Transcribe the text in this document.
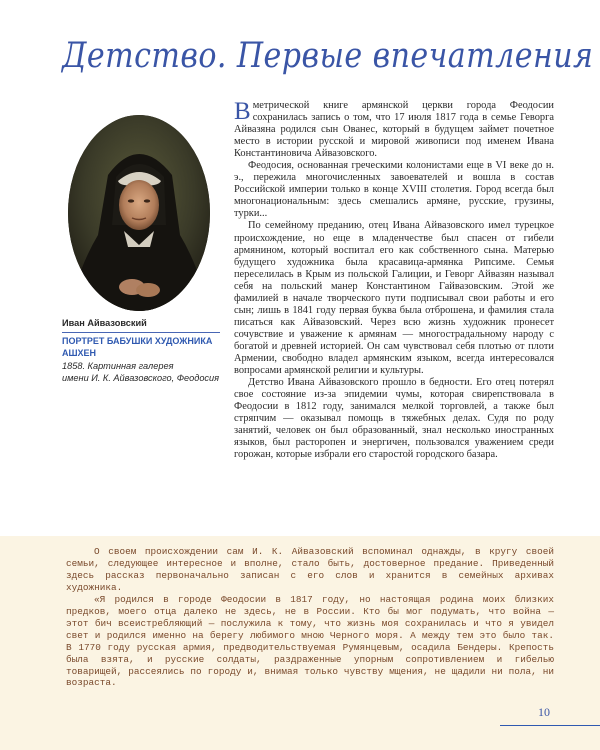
Детство. Первые впечатления
Иван Айвазовский
ПОРТРЕТ БАБУШКИ ХУДОЖНИКА АШХЕН
1858. Картинная галерея
имени И. К. Айвазовского, Феодосия

В метрической книге армянской церкви города Феодосии сохранилась запись о том, что 17 июля 1817 года в семье Геворга Айвазяна родился сын Ованес, который в будущем займет почетное место в истории русской и мировой живописи под именем Ивана Константиновича Айвазовского.

Феодосия, основанная греческими колонистами еще в VI веке до н. э., пережила многочисленных завоевателей и вошла в состав Российской империи только в конце XVIII столетия. Город всегда был многонациональным: здесь смешались армяне, русские, грузины, турки...

По семейному преданию, отец Ивана Айвазовского имел турецкое происхождение, но еще в младенчестве был спасен от гибели армянином, который воспитал его как собственного сына. Матерью будущего художника была красавица-армянка Рипсиме. Семья переселилась в Крым из польской Галиции, и Геворг Айвазян называл себя на польский манер Константином Гайвазовским. Этой же фамилией в начале творческого пути подписывал свои работы и его сын; лишь в 1841 году первая буква была отброшена, и фамилия стала писаться как Айвазовский. Через всю жизнь художник пронесет сочувствие и уважение к армянам — многострадальному народу с богатой и древней историей. Он сам чувствовал себя плотью от плоти Армении, свободно владел армянским языком, всегда интересовался вопросами армянской религии и культуры.

Детство Ивана Айвазовского прошло в бедности. Его отец потерял свое состояние из-за эпидемии чумы, которая свирепствовала в Феодосии в 1812 году, занимался мелкой торговлей, а также был стряпчим — оказывал помощь в тяжебных делах. Судя по роду занятий, человек он был образованный, знал несколько иностранных языков, был расторопен и энергичен, пользовался уважением среди горожан, которые избрали его старостой городского базара.

О своем происхождении сам И. К. Айвазовский вспоминал однажды, в кругу своей семьи, следующее интересное и вполне, стало быть, достоверное предание. Приведенный здесь рассказ первоначально записан с его слов и хранится в семейных архивах художника.

«Я родился в городе Феодосии в 1817 году, но настоящая родина моих близких предков, моего отца далеко не здесь, не в России. Кто бы мог подумать, что война — этот бич всеистребляющий — послужила к тому, что жизнь моя сохранилась и что я увидел свет и родился именно на берегу любимого мною Черного моря. А между тем это было так. В 1770 году русская армия, предводительствуемая Румянцевым, осадила Бендеры. Крепость была взята, и русские солдаты, раздраженные упорным сопротивлением и гибелью товарищей, рассеялись по городу и, внимая только чувству мщения, не щадили ни пола, ни возраста.

10
